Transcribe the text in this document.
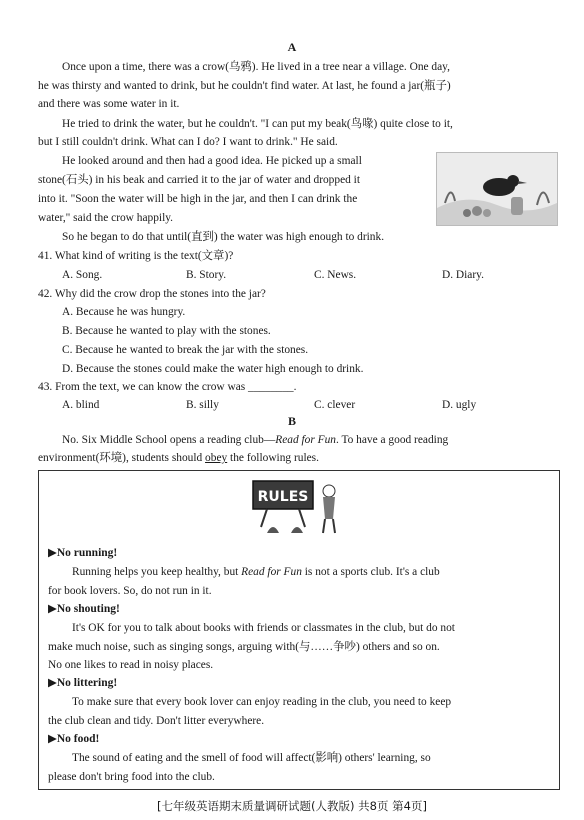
A
Once upon a time, there was a crow(乌鸦). He lived in a tree near a village. One day,
he was thirsty and wanted to drink, but he couldn't find water. At last, he found a jar(瓶子)
and there was some water in it.
He tried to drink the water, but he couldn't. "I can put my beak(鸟喙) quite close to it,
but I still couldn't drink. What can I do? I want to drink." He said.
He looked around and then had a good idea. He picked up a small
stone(石头) in his beak and carried it to the jar of water and dropped it
into it. "Soon the water will be high in the jar, and then I can drink the
water," said the crow happily.
So he began to do that until(直到) the water was high enough to drink.
41. What kind of writing is the text(文章)?
A. Song.	B. Story.	C. News.	D. Diary.
42. Why did the crow drop the stones into the jar?
A. Because he was hungry.
B. Because he wanted to play with the stones.
C. Because he wanted to break the jar with the stones.
D. Because the stones could make the water high enough to drink.
43. From the text, we can know the crow was ________.
A. blind	B. silly	C. clever	D. ugly
B
No. Six Middle School opens a reading club—Read for Fun. To have a good reading
environment(环境), students should obey the following rules.
RULES
▶No running!
Running helps you keep healthy, but Read for Fun is not a sports club. It's a club
for book lovers. So, do not run in it.
▶No shouting!
It's OK for you to talk about books with friends or classmates in the club, but do not
make much noise, such as singing songs, arguing with(与……争吵) others and so on.
No one likes to read in noisy places.
▶No littering!
To make sure that every book lover can enjoy reading in the club, you need to keep
the club clean and tidy. Don't litter everywhere.
▶No food!
The sound of eating and the smell of food will affect(影响) others' learning, so
please don't bring food into the club.
[七年级英语期末质量调研试题(人教版) 共8页 第4页]
